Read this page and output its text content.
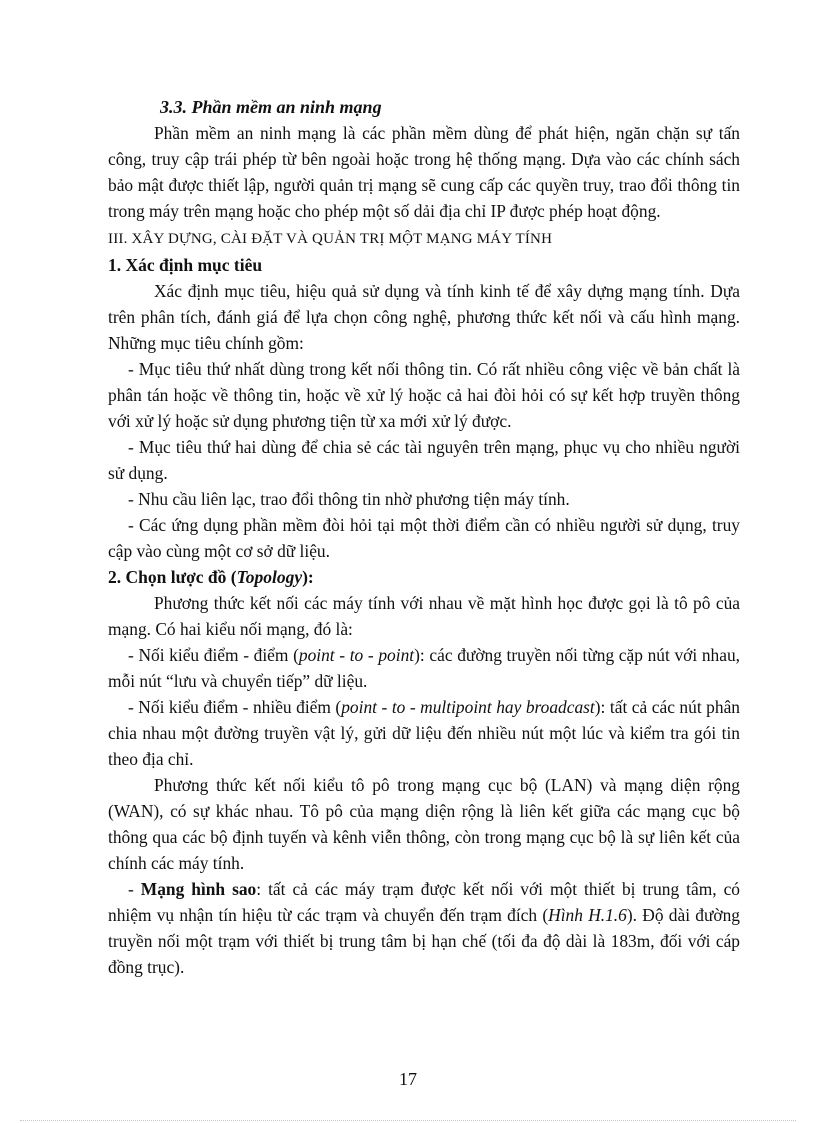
3.3. Phần mềm an ninh mạng

Phần mềm an ninh mạng là các phần mềm dùng để phát hiện, ngăn chặn sự tấn công, truy cập trái phép từ bên ngoài hoặc trong hệ thống mạng. Dựa vào các chính sách bảo mật được thiết lập, người quản trị mạng sẽ cung cấp các quyền truy, trao đổi thông tin trong máy trên mạng hoặc cho phép một số dải địa chỉ IP được phép hoạt động.

III. XÂY DỰNG, CÀI ĐẶT VÀ QUẢN TRỊ MỘT MẠNG MÁY TÍNH

1. Xác định mục tiêu

Xác định mục tiêu, hiệu quả sử dụng và tính kinh tế để xây dựng mạng tính. Dựa trên phân tích, đánh giá để lựa chọn công nghệ, phương thức kết nối và cấu hình mạng. Những mục tiêu chính gồm:

- Mục tiêu thứ nhất dùng trong kết nối thông tin. Có rất nhiều công việc về bản chất là phân tán hoặc về thông tin, hoặc về xử lý hoặc cả hai đòi hỏi có sự kết hợp truyền thông với xử lý hoặc sử dụng phương tiện từ xa mới xử lý được.

- Mục tiêu thứ hai dùng để chia sẻ các tài nguyên trên mạng, phục vụ cho nhiều người sử dụng.

- Nhu cầu liên lạc, trao đổi thông tin nhờ phương tiện máy tính.

- Các ứng dụng phần mềm đòi hỏi tại một thời điểm cần có nhiều người sử dụng, truy cập vào cùng một cơ sở dữ liệu.

2. Chọn lược đồ (Topology):

Phương thức kết nối các máy tính với nhau về mặt hình học được gọi là tô pô của mạng. Có hai kiểu nối mạng, đó là:

- Nối kiểu điểm - điểm (point - to - point): các đường truyền nối từng cặp nút với nhau, mỗi nút “lưu và chuyển tiếp” dữ liệu.

- Nối kiểu điểm - nhiều điểm (point - to - multipoint hay broadcast): tất cả các nút phân chia nhau một đường truyền vật lý, gửi dữ liệu đến nhiều nút một lúc và kiểm tra gói tin theo địa chỉ.

Phương thức kết nối kiểu tô pô trong mạng cục bộ (LAN) và mạng diện rộng (WAN), có sự khác nhau. Tô pô của mạng diện rộng là liên kết giữa các mạng cục bộ thông qua các bộ định tuyến và kênh viễn thông, còn trong mạng cục bộ là sự liên kết của chính các máy tính.

- Mạng hình sao: tất cả các máy trạm được kết nối với một thiết bị trung tâm, có nhiệm vụ nhận tín hiệu từ các trạm và chuyển đến trạm đích (Hình H.1.6). Độ dài đường truyền nối một trạm với thiết bị trung tâm bị hạn chế (tối đa độ dài là 183m, đối với cáp đồng trục).

17
